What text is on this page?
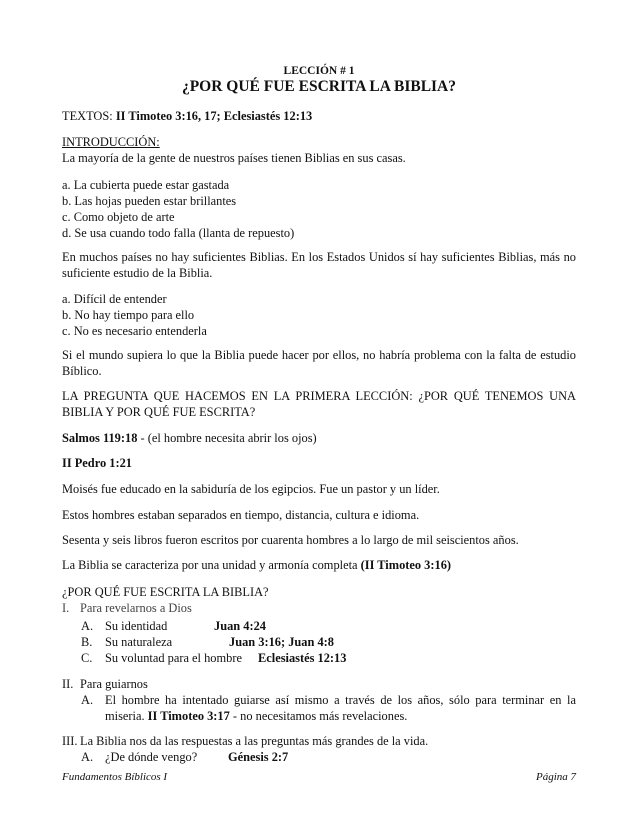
LECCIÓN # 1
¿POR QUÉ FUE ESCRITA LA BIBLIA?
TEXTOS: II Timoteo 3:16, 17; Eclesiastés 12:13
INTRODUCCIÓN:
La mayoría de la gente de nuestros países tienen Biblias en sus casas.
a. La cubierta puede estar gastada
b. Las hojas pueden estar brillantes
c. Como objeto de arte
d. Se usa cuando todo falla (llanta de repuesto)
En muchos países no hay suficientes Biblias. En los Estados Unidos sí hay suficientes Biblias, más no
suficiente estudio de la Biblia.
a. Difícil de entender
b. No hay tiempo para ello
c. No es necesario entenderla
Si el mundo supiera lo que la Biblia puede hacer por ellos, no habría problema con la falta de estudio
Bíblico.
LA PREGUNTA QUE HACEMOS EN LA PRIMERA LECCIÓN: ¿POR QUÉ TENEMOS UNA
BIBLIA Y POR QUÉ FUE ESCRITA?
Salmos 119:18 - (el hombre necesita abrir los ojos)
II Pedro 1:21
Moisés fue educado en la sabiduría de los egipcios. Fue un pastor y un líder.
Estos hombres estaban separados en tiempo, distancia, cultura e idioma.
Sesenta y seis libros fueron escritos por cuarenta hombres a lo largo de mil seiscientos años.
La Biblia se caracteriza por una unidad y armonía completa (II Timoteo 3:16)
¿POR QUÉ FUE ESCRITA LA BIBLIA?
I. Para revelarnos a Dios
A. Su identidad	Juan 4:24
B. Su naturaleza	Juan 3:16; Juan 4:8
C. Su voluntad para el hombre Eclesiastés 12:13
II. Para guiarnos
A. El hombre ha intentado guiarse así mismo a través de los años, sólo para terminar en la
miseria. II Timoteo 3:17 - no necesitamos más revelaciones.
III. La Biblia nos da las respuestas a las preguntas más grandes de la vida.
A. ¿De dónde vengo? Génesis 2:7
Fundamentos Bíblicos I	Página 7
